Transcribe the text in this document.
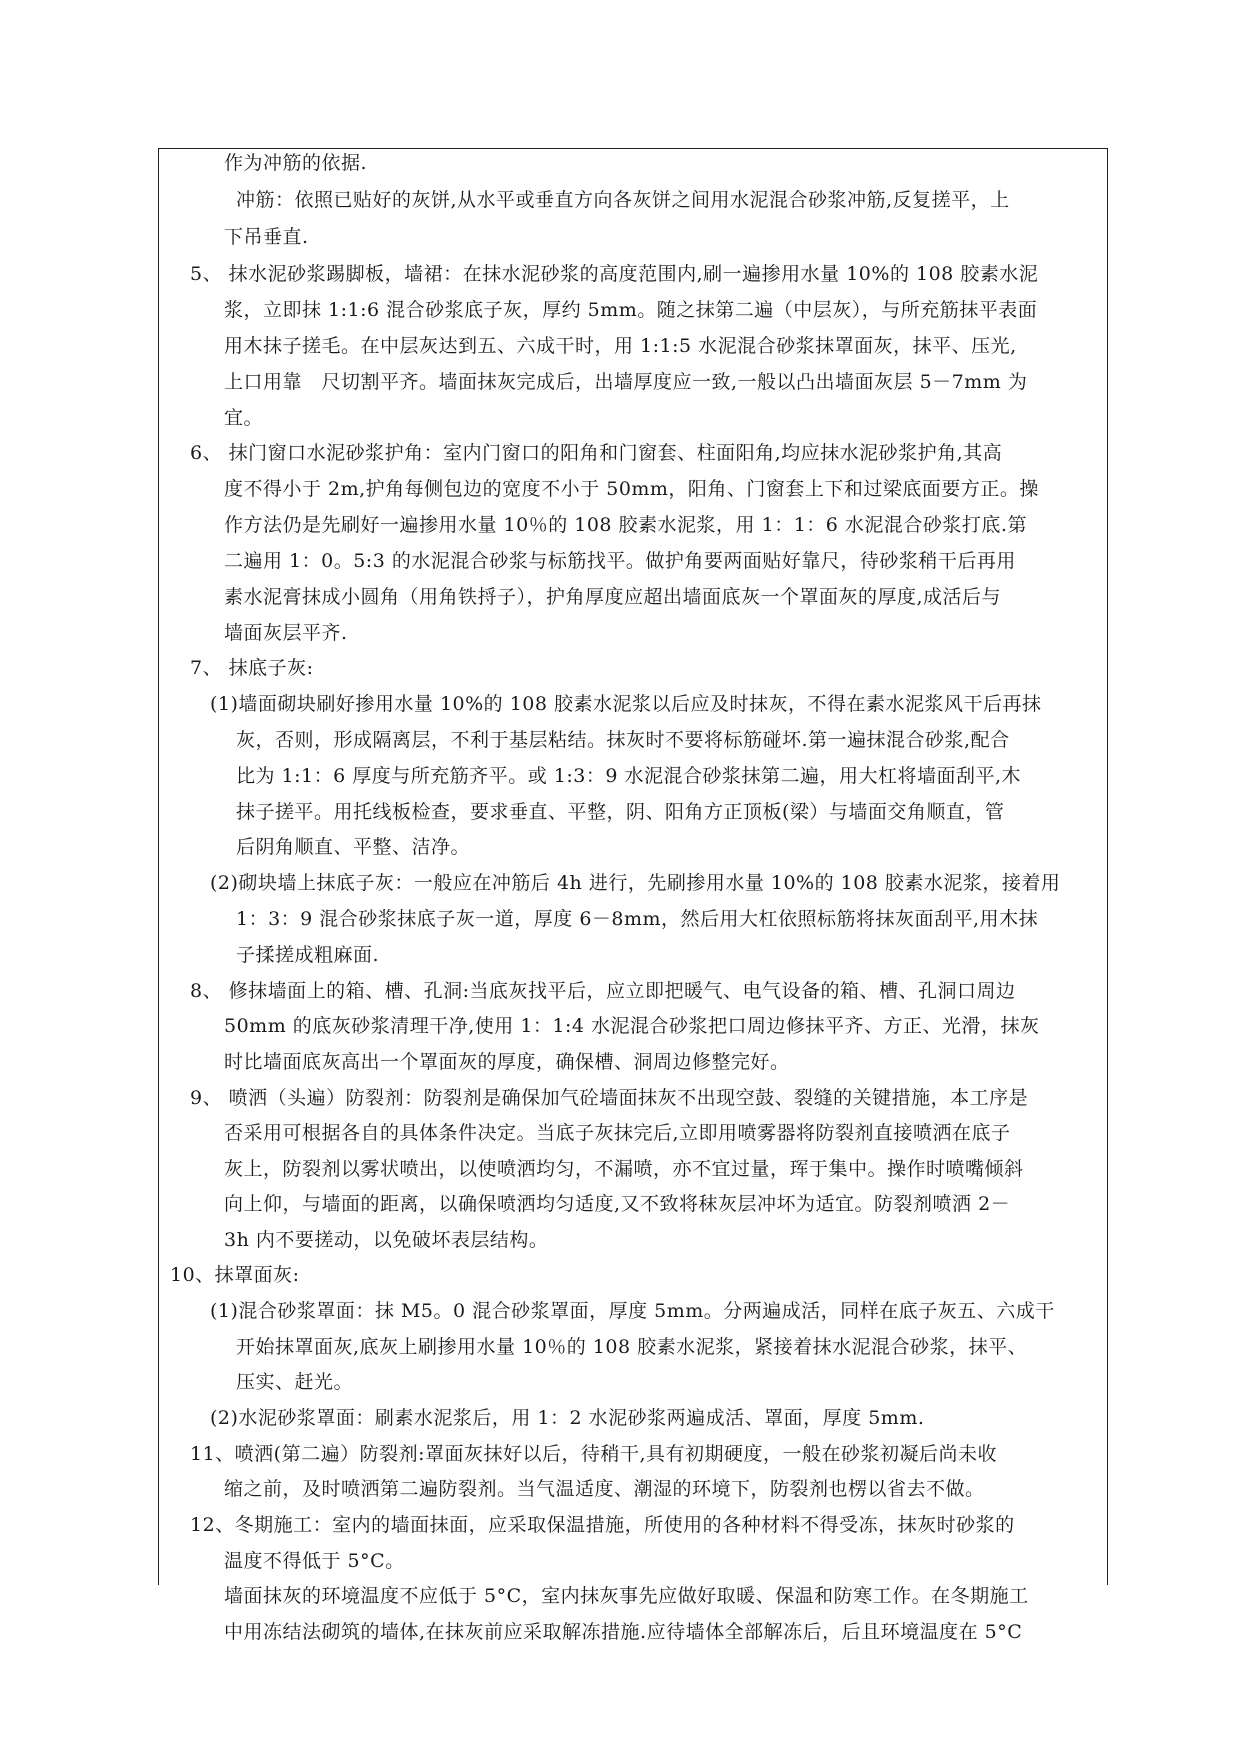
作为冲筋的依据.
冲筋：依照已贴好的灰饼,从水平或垂直方向各灰饼之间用水泥混合砂浆冲筋,反复搓平，上
下吊垂直.
5、 抹水泥砂浆踢脚板，墙裙：在抹水泥砂浆的高度范围内,刷一遍掺用水量 10%的 108 胶素水泥
浆，立即抹 1:1:6 混合砂浆底子灰，厚约 5mm。随之抹第二遍（中层灰），与所充筋抹平表面
用木抹子搓毛。在中层灰达到五、六成干时，用 1:1:5 水泥混合砂浆抹罩面灰，抹平、压光,
上口用靠　尺切割平齐。墙面抹灰完成后，出墙厚度应一致,一般以凸出墙面灰层 5－7mm 为
宜。
6、 抹门窗口水泥砂浆护角：室内门窗口的阳角和门窗套、柱面阳角,均应抹水泥砂浆护角,其高
度不得小于 2m,护角每侧包边的宽度不小于 50mm，阳角、门窗套上下和过梁底面要方正。操
作方法仍是先刷好一遍掺用水量 10％的 108 胶素水泥浆，用 1：1：6 水泥混合砂浆打底.第
二遍用 1：0。5:3 的水泥混合砂浆与标筋找平。做护角要两面贴好靠尺，待砂浆稍干后再用
素水泥膏抹成小圆角（用角铁捋子），护角厚度应超出墙面底灰一个罩面灰的厚度,成活后与
墙面灰层平齐.
7、 抹底子灰:
(1)墙面砌块刷好掺用水量 10%的 108 胶素水泥浆以后应及时抹灰，不得在素水泥浆风干后再抹
灰，否则，形成隔离层，不利于基层粘结。抹灰时不要将标筋碰坏.第一遍抹混合砂浆,配合
比为 1:1：6 厚度与所充筋齐平。或 1:3：9 水泥混合砂浆抹第二遍，用大杠将墙面刮平,木
抹子搓平。用托线板检查，要求垂直、平整，阴、阳角方正顶板(梁）与墙面交角顺直，管
后阴角顺直、平整、洁净。
(2)砌块墙上抹底子灰：一般应在冲筋后 4h 进行，先刷掺用水量 10%的 108 胶素水泥浆，接着用
1：3：9 混合砂浆抹底子灰一道，厚度 6－8mm，然后用大杠依照标筋将抹灰面刮平,用木抹
子揉搓成粗麻面.
8、 修抹墙面上的箱、槽、孔洞:当底灰找平后，应立即把暖气、电气设备的箱、槽、孔洞口周边
50mm 的底灰砂浆清理干净,使用 1：1:4 水泥混合砂浆把口周边修抹平齐、方正、光滑，抹灰
时比墙面底灰高出一个罩面灰的厚度，确保槽、洞周边修整完好。
9、 喷洒（头遍）防裂剂：防裂剂是确保加气砼墙面抹灰不出现空鼓、裂缝的关键措施，本工序是
否采用可根据各自的具体条件决定。当底子灰抹完后,立即用喷雾器将防裂剂直接喷洒在底子
灰上，防裂剂以雾状喷出，以使喷洒均匀，不漏喷，亦不宜过量，珲于集中。操作时喷嘴倾斜
向上仰，与墙面的距离，以确保喷洒均匀适度,又不致将秣灰层冲坏为适宜。防裂剂喷洒 2－
3h 内不要搓动，以免破坏表层结构。
10、抹罩面灰:
(1)混合砂浆罩面：抹 M5。0 混合砂浆罩面，厚度 5mm。分两遍成活，同样在底子灰五、六成干
开始抹罩面灰,底灰上刷掺用水量 10％的 108 胶素水泥浆，紧接着抹水泥混合砂浆，抹平、
压实、赶光。
(2)水泥砂浆罩面：刷素水泥浆后，用 1：2 水泥砂浆两遍成活、罩面，厚度 5mm.
11、喷洒(第二遍）防裂剂:罩面灰抹好以后，待稍干,具有初期硬度，一般在砂浆初凝后尚未收
缩之前，及时喷洒第二遍防裂剂。当气温适度、潮湿的环境下，防裂剂也楞以省去不做。
12、冬期施工：室内的墙面抹面，应采取保温措施，所使用的各种材料不得受冻，抹灰时砂浆的
温度不得低于 5°C。
墙面抹灰的环境温度不应低于 5°C，室内抹灰事先应做好取暖、保温和防寒工作。在冬期施工
中用冻结法砌筑的墙体,在抹灰前应采取解冻措施.应待墙体全部解冻后，后且环境温度在 5°C
